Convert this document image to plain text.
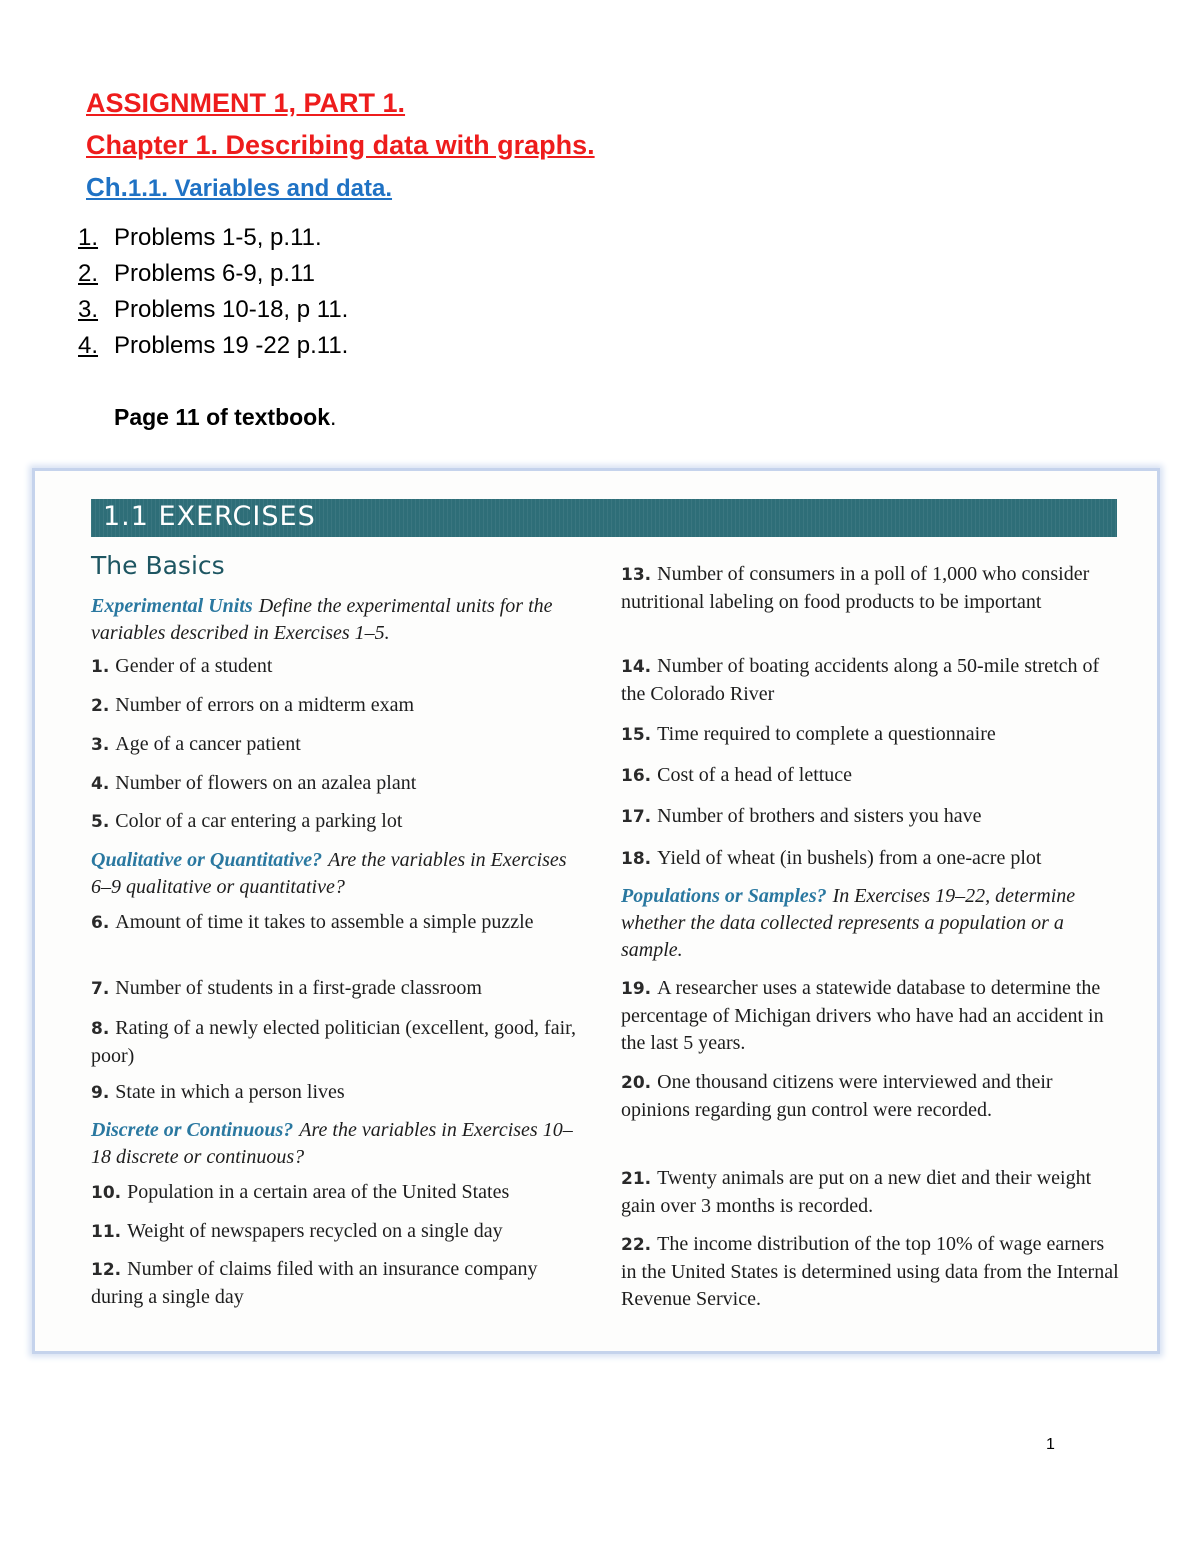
ASSIGNMENT 1, PART 1.
Chapter 1. Describing data with graphs.
Ch.1.1. Variables and data.
1. Problems 1-5, p.11.
2. Problems 6-9, p.11
3. Problems 10-18, p 11.
4. Problems 19 -22 p.11.
Page 11 of textbook.
1.1 EXERCISES
The Basics
Experimental Units Define the experimental units for the variables described in Exercises 1–5.
1. Gender of a student
2. Number of errors on a midterm exam
3. Age of a cancer patient
4. Number of flowers on an azalea plant
5. Color of a car entering a parking lot
Qualitative or Quantitative? Are the variables in Exercises 6–9 qualitative or quantitative?
6. Amount of time it takes to assemble a simple puzzle
7. Number of students in a first-grade classroom
8. Rating of a newly elected politician (excellent, good, fair, poor)
9. State in which a person lives
Discrete or Continuous? Are the variables in Exercises 10–18 discrete or continuous?
10. Population in a certain area of the United States
11. Weight of newspapers recycled on a single day
12. Number of claims filed with an insurance company during a single day
13. Number of consumers in a poll of 1,000 who consider nutritional labeling on food products to be important
14. Number of boating accidents along a 50-mile stretch of the Colorado River
15. Time required to complete a questionnaire
16. Cost of a head of lettuce
17. Number of brothers and sisters you have
18. Yield of wheat (in bushels) from a one-acre plot
Populations or Samples? In Exercises 19–22, determine whether the data collected represents a population or a sample.
19. A researcher uses a statewide database to determine the percentage of Michigan drivers who have had an accident in the last 5 years.
20. One thousand citizens were interviewed and their opinions regarding gun control were recorded.
21. Twenty animals are put on a new diet and their weight gain over 3 months is recorded.
22. The income distribution of the top 10% of wage earners in the United States is determined using data from the Internal Revenue Service.
1
